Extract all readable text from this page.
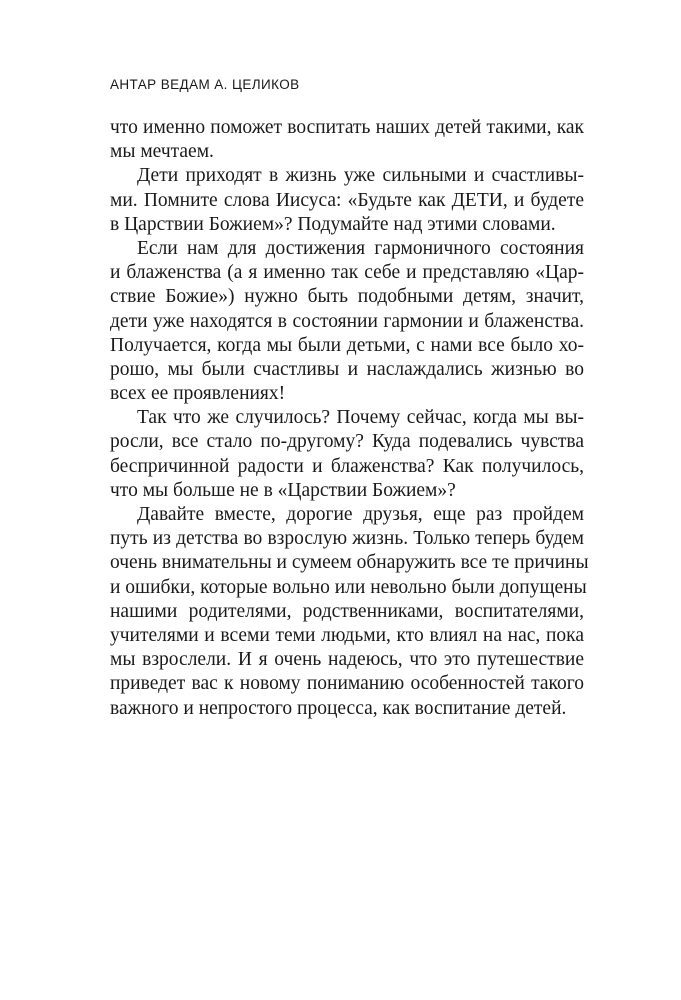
АНТАР ВЕДАМ А. ЦЕЛИКОВ
что именно поможет воспитать наших детей такими, как
мы мечтаем.
Дети приходят в жизнь уже сильными и счастливы-
ми. Помните слова Иисуса: «Будьте как ДЕТИ, и будете
в Царствии Божием»? Подумайте над этими словами.
Если нам для достижения гармоничного состояния
и блаженства (а я именно так себе и представляю «Цар-
ствие Божие») нужно быть подобными детям, значит,
дети уже находятся в состоянии гармонии и блаженства.
Получается, когда мы были детьми, с нами все было хо-
рошо, мы были счастливы и наслаждались жизнью во
всех ее проявлениях!
Так что же случилось? Почему сейчас, когда мы вы-
росли, все стало по-другому? Куда подевались чувства
беспричинной радости и блаженства? Как получилось,
что мы больше не в «Царствии Божием»?
Давайте вместе, дорогие друзья, еще раз пройдем
путь из детства во взрослую жизнь. Только теперь будем
очень внимательны и сумеем обнаружить все те причины
и ошибки, которые вольно или невольно были допущены
нашими родителями, родственниками, воспитателями,
учителями и всеми теми людьми, кто влиял на нас, пока
мы взрослели. И я очень надеюсь, что это путешествие
приведет вас к новому пониманию особенностей такого
важного и непростого процесса, как воспитание детей.
